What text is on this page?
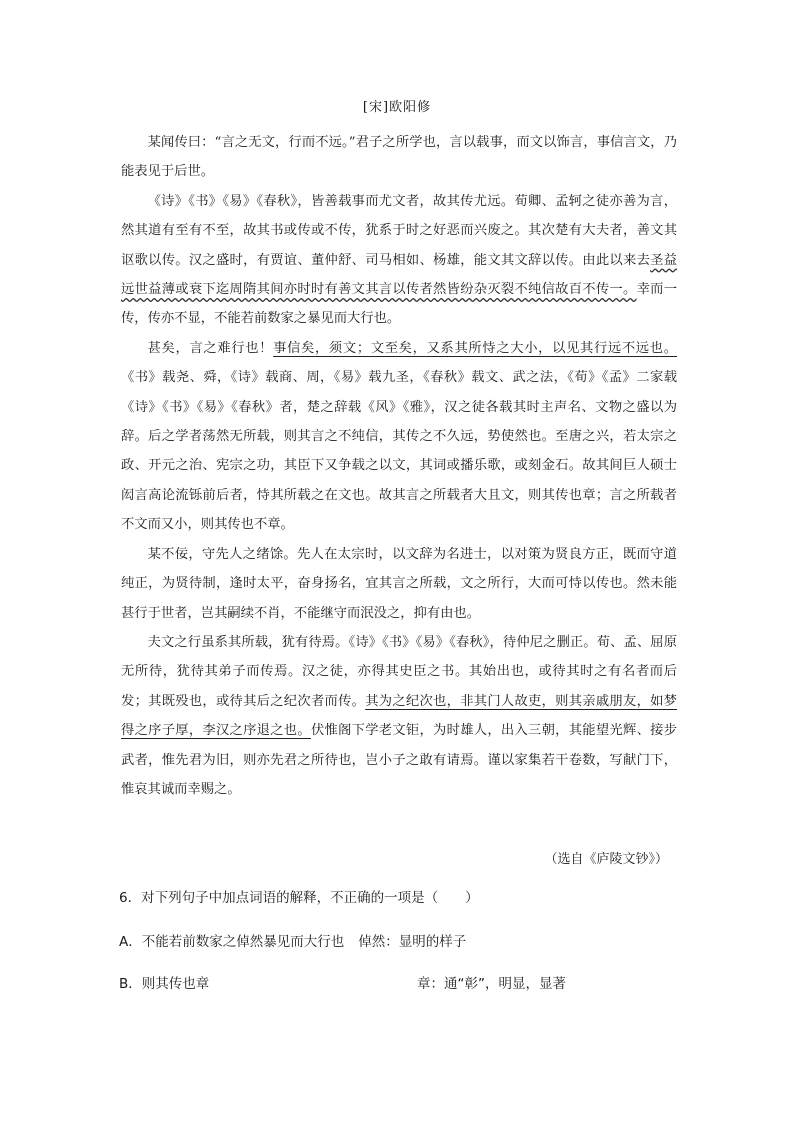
[宋]欧阳修

某闻传曰：“言之无文，行而不远。”君子之所学也，言以载事，而文以饰言，事信言文，乃能表见于后世。

《诗》《书》《易》《春秋》，皆善载事而尤文者，故其传尤远。荀卿、孟轲之徒亦善为言，然其道有至有不至，故其书或传或不传，犹系于时之好恶而兴废之。其次楚有大夫者，善文其讴歌以传。汉之盛时，有贾谊、董仲舒、司马相如、杨雄，能文其文辞以传。由此以来去圣益远世益薄或衰下迄周隋其间亦时时有善文其言以传者然皆纷杂灭裂不纯信故百不传一。幸而一传，传亦不显，不能若前数家之暴见而大行也。

甚矣，言之难行也！事信矣，须文；文至矣，又系其所恃之大小，以见其行远不远也。《书》载尧、舜，《诗》载商、周，《易》载九圣，《春秋》载文、武之法，《荀》《孟》二家载《诗》《书》《易》《春秋》者，楚之辞载《风》《雅》，汉之徒各载其时主声名、文物之盛以为辞。后之学者荡然无所载，则其言之不纯信，其传之不久远，势使然也。至唐之兴，若太宗之政、开元之治、宪宗之功，其臣下又争载之以文，其词或播乐歌，或刻金石。故其间巨人硕士闳言高论流铄前后者，恃其所载之在文也。故其言之所载者大且文，则其传也章；言之所载者不文而又小，则其传也不章。

某不佞，守先人之绪馀。先人在太宗时，以文辞为名进士，以对策为贤良方正，既而守道纯正，为贤待制，逢时太平，奋身扬名，宜其言之所载，文之所行，大而可恃以传也。然未能甚行于世者，岂其嗣续不肖，不能继守而泯没之，抑有由也。

夫文之行虽系其所载，犹有待焉。《诗》《书》《易》《春秋》，待仲尼之删正。荀、孟、屈原无所待，犹待其弟子而传焉。汉之徒，亦得其史臣之书。其始出也，或待其时之有名者而后发；其既殁也，或待其后之纪次者而传。其为之纪次也，非其门人故吏，则其亲戚朋友，如梦得之序子厚，李汉之序退之也。伏惟阁下学老文钜，为时雄人，出入三朝，其能望光辉、接步武者，惟先君为旧，则亦先君之所待也，岂小子之敢有请焉。谨以家集若干卷数，写献门下，惟哀其诚而幸赐之。

（选自《庐陵文钞》）
6．对下列句子中加点词语的解释，不正确的一项是（　　）
A．不能若前数家之倬然暴见而大行也 倬然：显明的样子
B．则其传也章	章：通“彰”，明显，显著
